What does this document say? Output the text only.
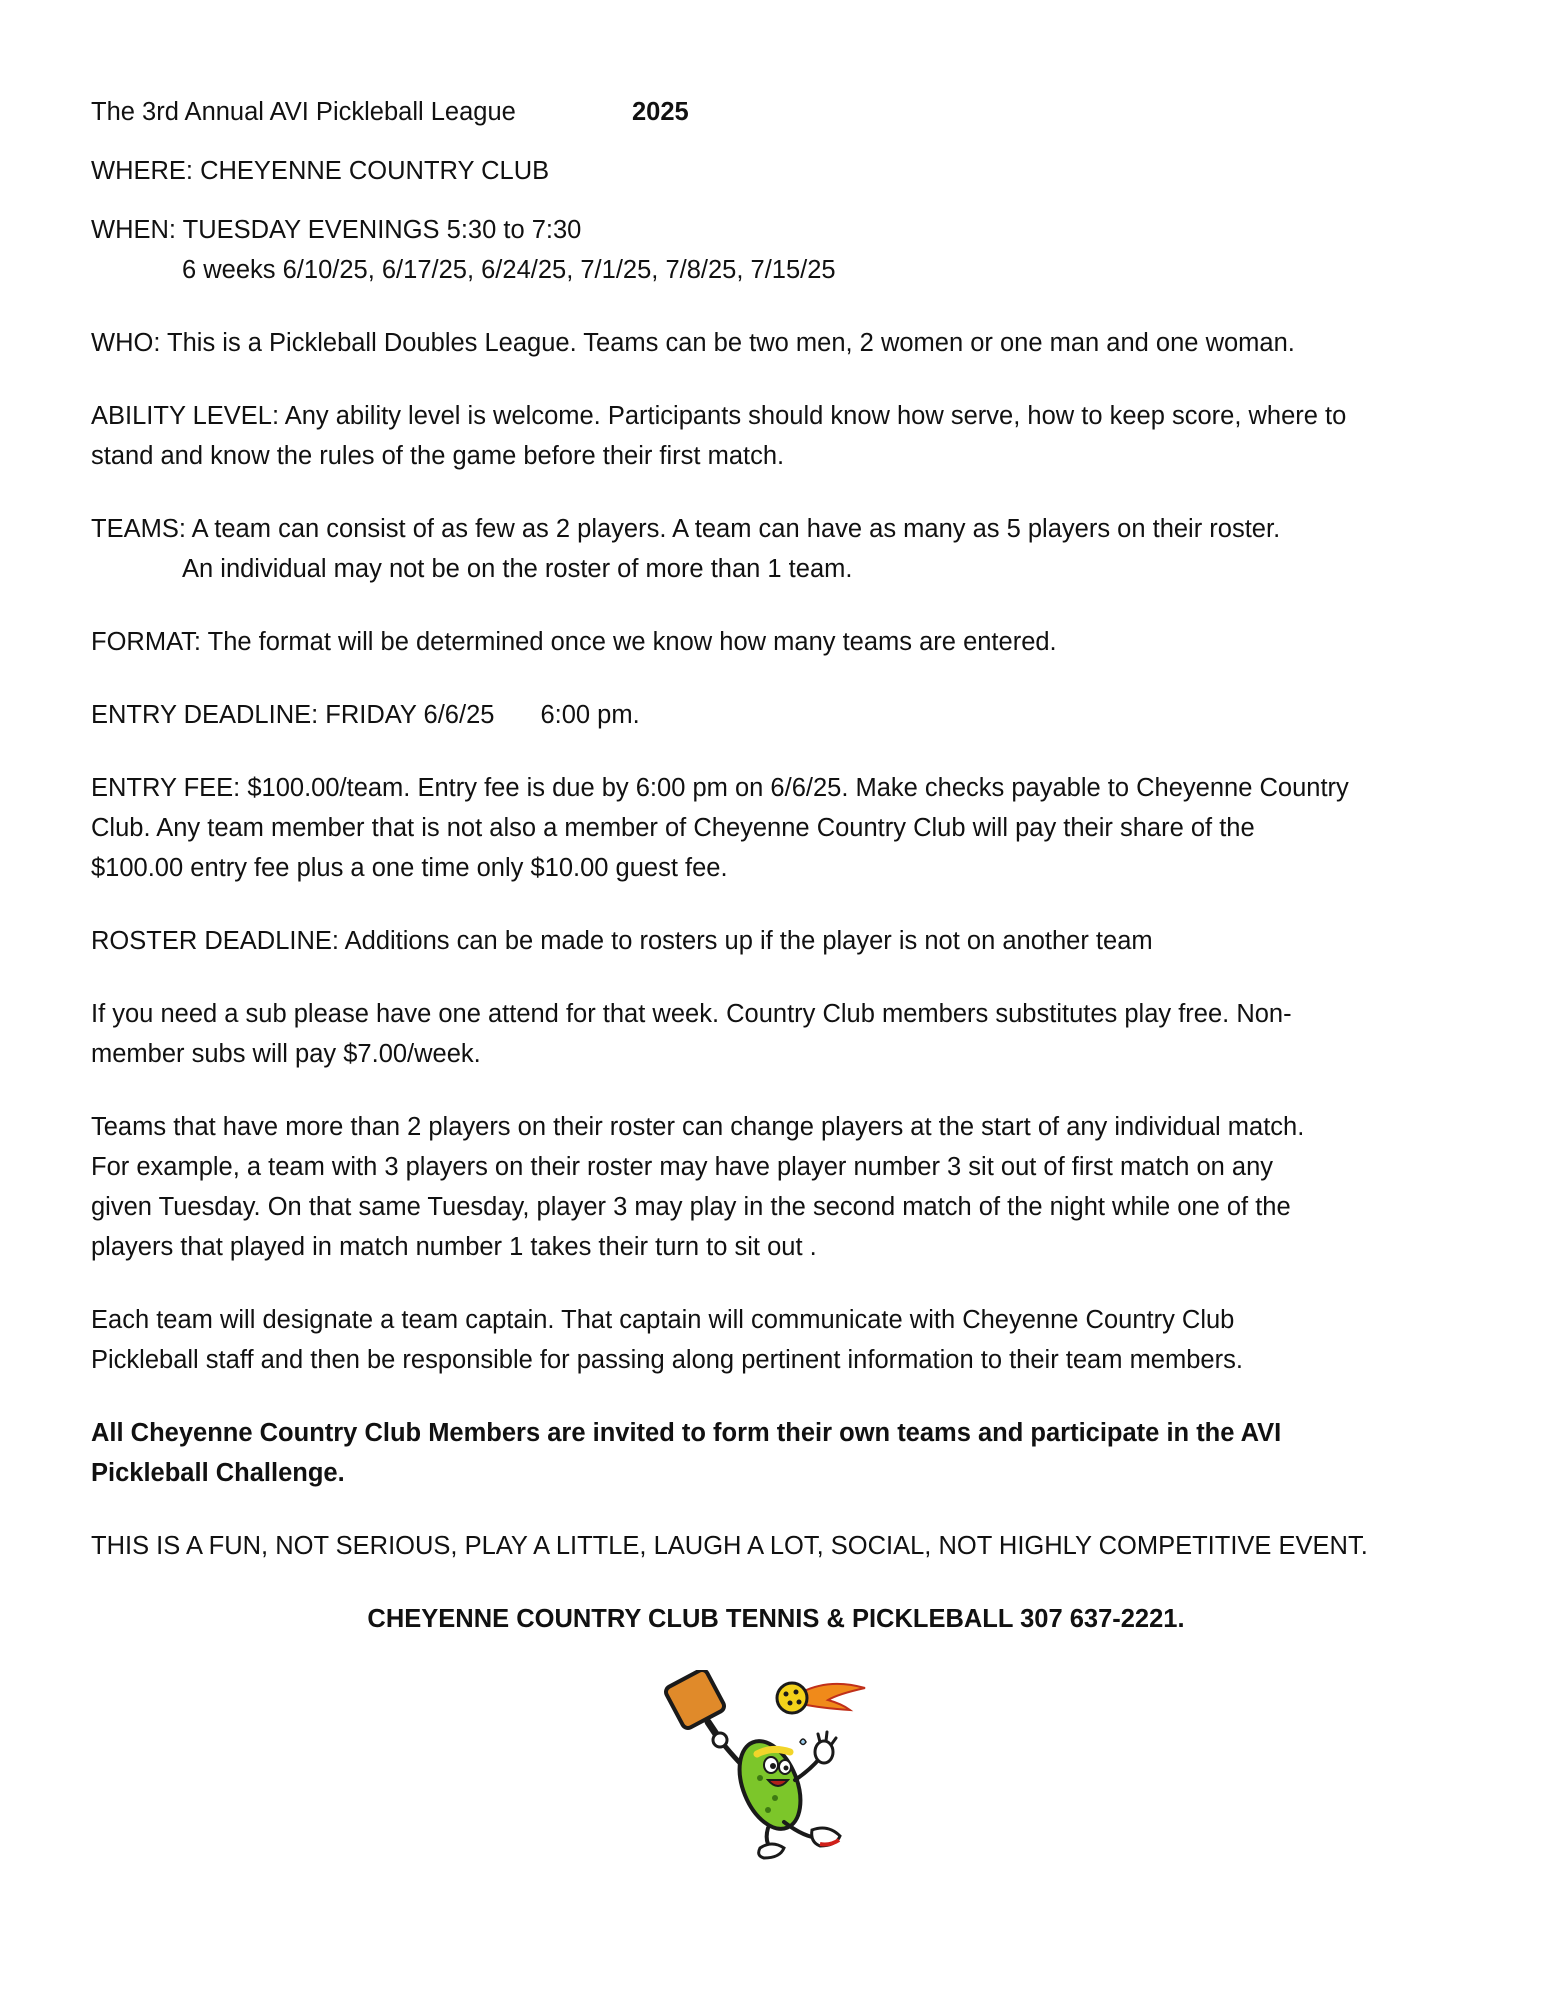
The 3rd Annual AVI Pickleball League	2025
WHERE: CHEYENNE COUNTRY CLUB
WHEN: TUESDAY EVENINGS 5:30 to 7:30
6 weeks 6/10/25, 6/17/25, 6/24/25, 7/1/25, 7/8/25, 7/15/25
WHO: This is a Pickleball Doubles League. Teams can be two men, 2 women or one man and one woman.
ABILITY LEVEL: Any ability level is welcome. Participants should know how serve, how to keep score, where to
stand and know the rules of the game before their first match.
TEAMS: A team can consist of as few as 2 players. A team can have as many as 5 players on their roster.
An individual may not be on the roster of more than 1 team.
FORMAT: The format will be determined once we know how many teams are entered.
ENTRY DEADLINE: FRIDAY 6/6/25 6:00 pm.
ENTRY FEE: $100.00/team. Entry fee is due by 6:00 pm on 6/6/25. Make checks payable to Cheyenne Country
Club. Any team member that is not also a member of Cheyenne Country Club will pay their share of the
$100.00 entry fee plus a one time only $10.00 guest fee.
ROSTER DEADLINE: Additions can be made to rosters up if the player is not on another team
If you need a sub please have one attend for that week. Country Club members substitutes play free. Non-
member subs will pay $7.00/week.
Teams that have more than 2 players on their roster can change players at the start of any individual match.
For example, a team with 3 players on their roster may have player number 3 sit out of first match on any
given Tuesday. On that same Tuesday, player 3 may play in the second match of the night while one of the
players that played in match number 1 takes their turn to sit out .
Each team will designate a team captain. That captain will communicate with Cheyenne Country Club
Pickleball staff and then be responsible for passing along pertinent information to their team members.
All Cheyenne Country Club Members are invited to form their own teams and participate in the AVI
Pickleball Challenge.
THIS IS A FUN, NOT SERIOUS, PLAY A LITTLE, LAUGH A LOT, SOCIAL, NOT HIGHLY COMPETITIVE EVENT.
CHEYENNE COUNTRY CLUB TENNIS & PICKLEBALL 307 637-2221.
